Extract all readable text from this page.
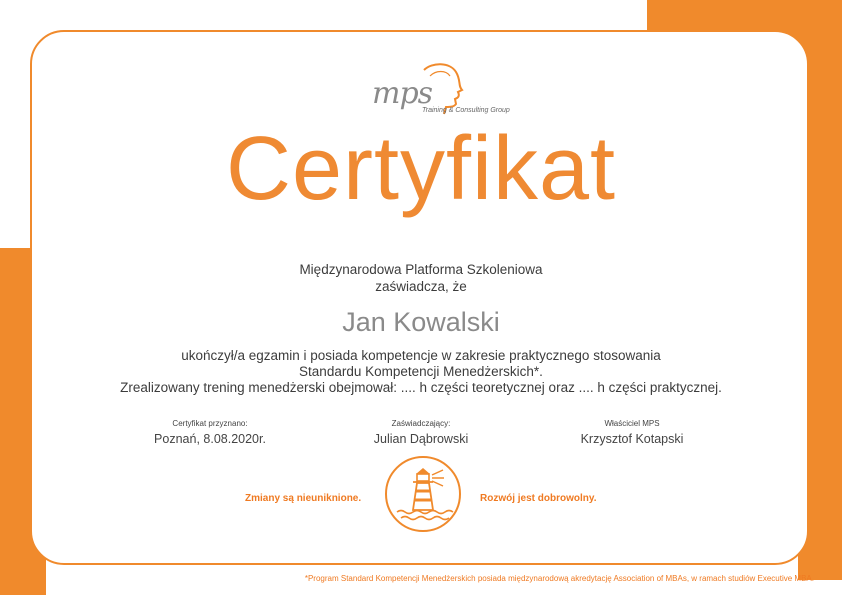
mps
Training & Consulting Group
Certyfikat
Międzynarodowa Platforma Szkoleniowa
zaświadcza, że
Jan Kowalski
ukończył/a egzamin i posiada kompetencje w zakresie praktycznego stosowania
Standardu Kompetencji Menedżerskich*.
Zrealizowany trening menedżerski obejmował: .... h części teoretycznej oraz .... h części praktycznej.
Certyfikat przyznano:
Poznań, 8.08.2020r.
Zaświadczający:
Julian Dąbrowski
Właściciel MPS
Krzysztof Kotapski
Zmiany są nieuniknione.	Rozwój jest dobrowolny.
*Program Standard Kompetencji Menedżerskich posiada międzynarodową akredytację Association of MBAs, w ramach studiów Executive MBA.
